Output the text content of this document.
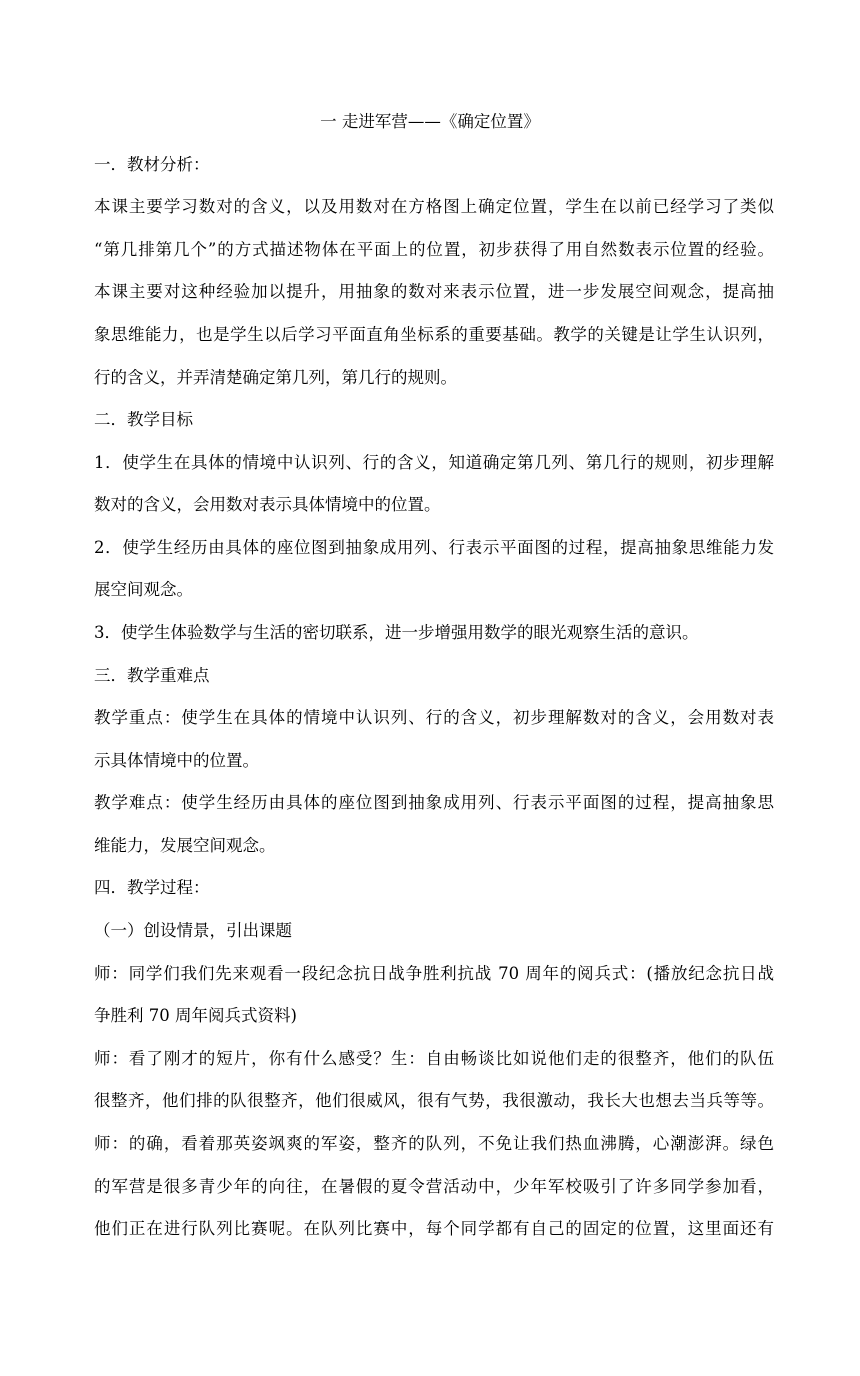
一 走进军营——《确定位置》
一．教材分析：
本课主要学习数对的含义，以及用数对在方格图上确定位置，学生在以前已经学习了类似
“第几排第几个”的方式描述物体在平面上的位置，初步获得了用自然数表示位置的经验。
本课主要对这种经验加以提升，用抽象的数对来表示位置，进一步发展空间观念，提高抽
象思维能力，也是学生以后学习平面直角坐标系的重要基础。教学的关键是让学生认识列，
行的含义，并弄清楚确定第几列，第几行的规则。
二．教学目标
1．使学生在具体的情境中认识列、行的含义，知道确定第几列、第几行的规则，初步理解
数对的含义，会用数对表示具体情境中的位置。
2．使学生经历由具体的座位图到抽象成用列、行表示平面图的过程，提高抽象思维能力发
展空间观念。
3．使学生体验数学与生活的密切联系，进一步增强用数学的眼光观察生活的意识。
三．教学重难点
教学重点：使学生在具体的情境中认识列、行的含义，初步理解数对的含义，会用数对表
示具体情境中的位置。
教学难点：使学生经历由具体的座位图到抽象成用列、行表示平面图的过程，提高抽象思
维能力，发展空间观念。
四．教学过程：
（一）创设情景，引出课题
师：同学们我们先来观看一段纪念抗日战争胜利抗战 70 周年的阅兵式：(播放纪念抗日战
争胜利 70 周年阅兵式资料)
师：看了刚才的短片，你有什么感受？生：自由畅谈比如说他们走的很整齐，他们的队伍
很整齐，他们排的队很整齐，他们很威风，很有气势，我很激动，我长大也想去当兵等等。
师：的确，看着那英姿飒爽的军姿，整齐的队列，不免让我们热血沸腾，心潮澎湃。绿色
的军营是很多青少年的向往，在暑假的夏令营活动中，少年军校吸引了许多同学参加看，
他们正在进行队列比赛呢。在队列比赛中，每个同学都有自己的固定的位置，这里面还有
